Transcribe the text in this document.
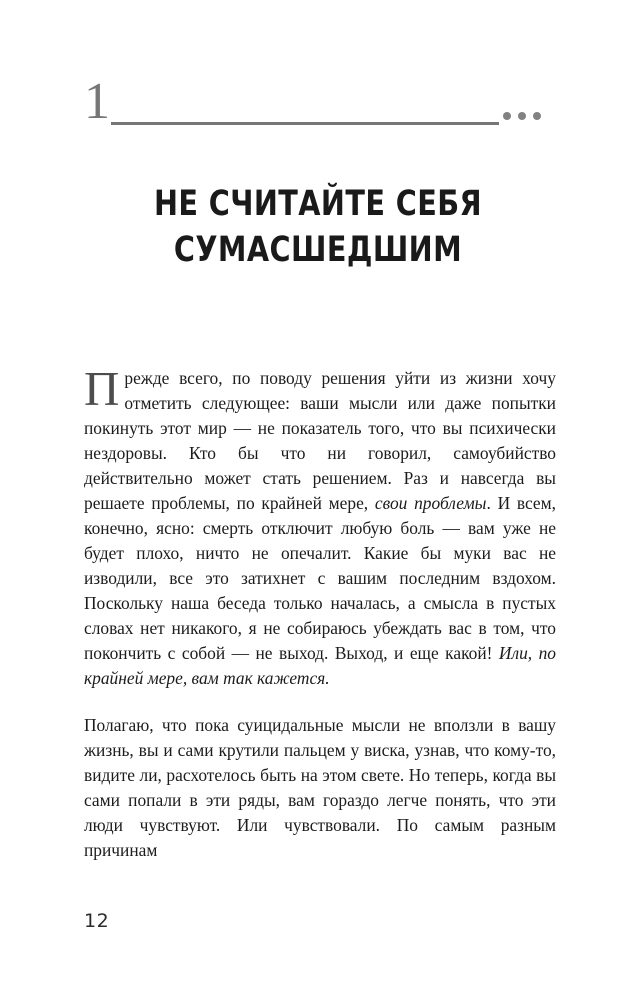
1
НЕ СЧИТАЙТЕ СЕБЯ
СУМАСШЕДШИМ

Прежде всего, по поводу решения уйти из жизни хочу отметить следующее: ваши мысли или даже попытки покинуть этот мир — не показатель того, что вы психически нездоровы. Кто бы что ни говорил, самоубийство действительно может стать решением. Раз и навсегда вы решаете проблемы, по крайней мере, свои проблемы. И всем, конечно, ясно: смерть отключит любую боль — вам уже не будет плохо, ничто не опечалит. Какие бы муки вас не изводили, все это затихнет с вашим последним вздохом. Поскольку наша беседа только началась, а смысла в пустых словах нет никакого, я не собираюсь убеждать вас в том, что покончить с собой — не выход. Выход, и еще какой! Или, по крайней мере, вам так кажется.

Полагаю, что пока суицидальные мысли не вползли в вашу жизнь, вы и сами крутили пальцем у виска, узнав, что кому-то, видите ли, расхотелось быть на этом свете. Но теперь, когда вы сами попали в эти ряды, вам гораздо легче понять, что эти люди чувствуют. Или чувствовали. По самым разным причинам

12
